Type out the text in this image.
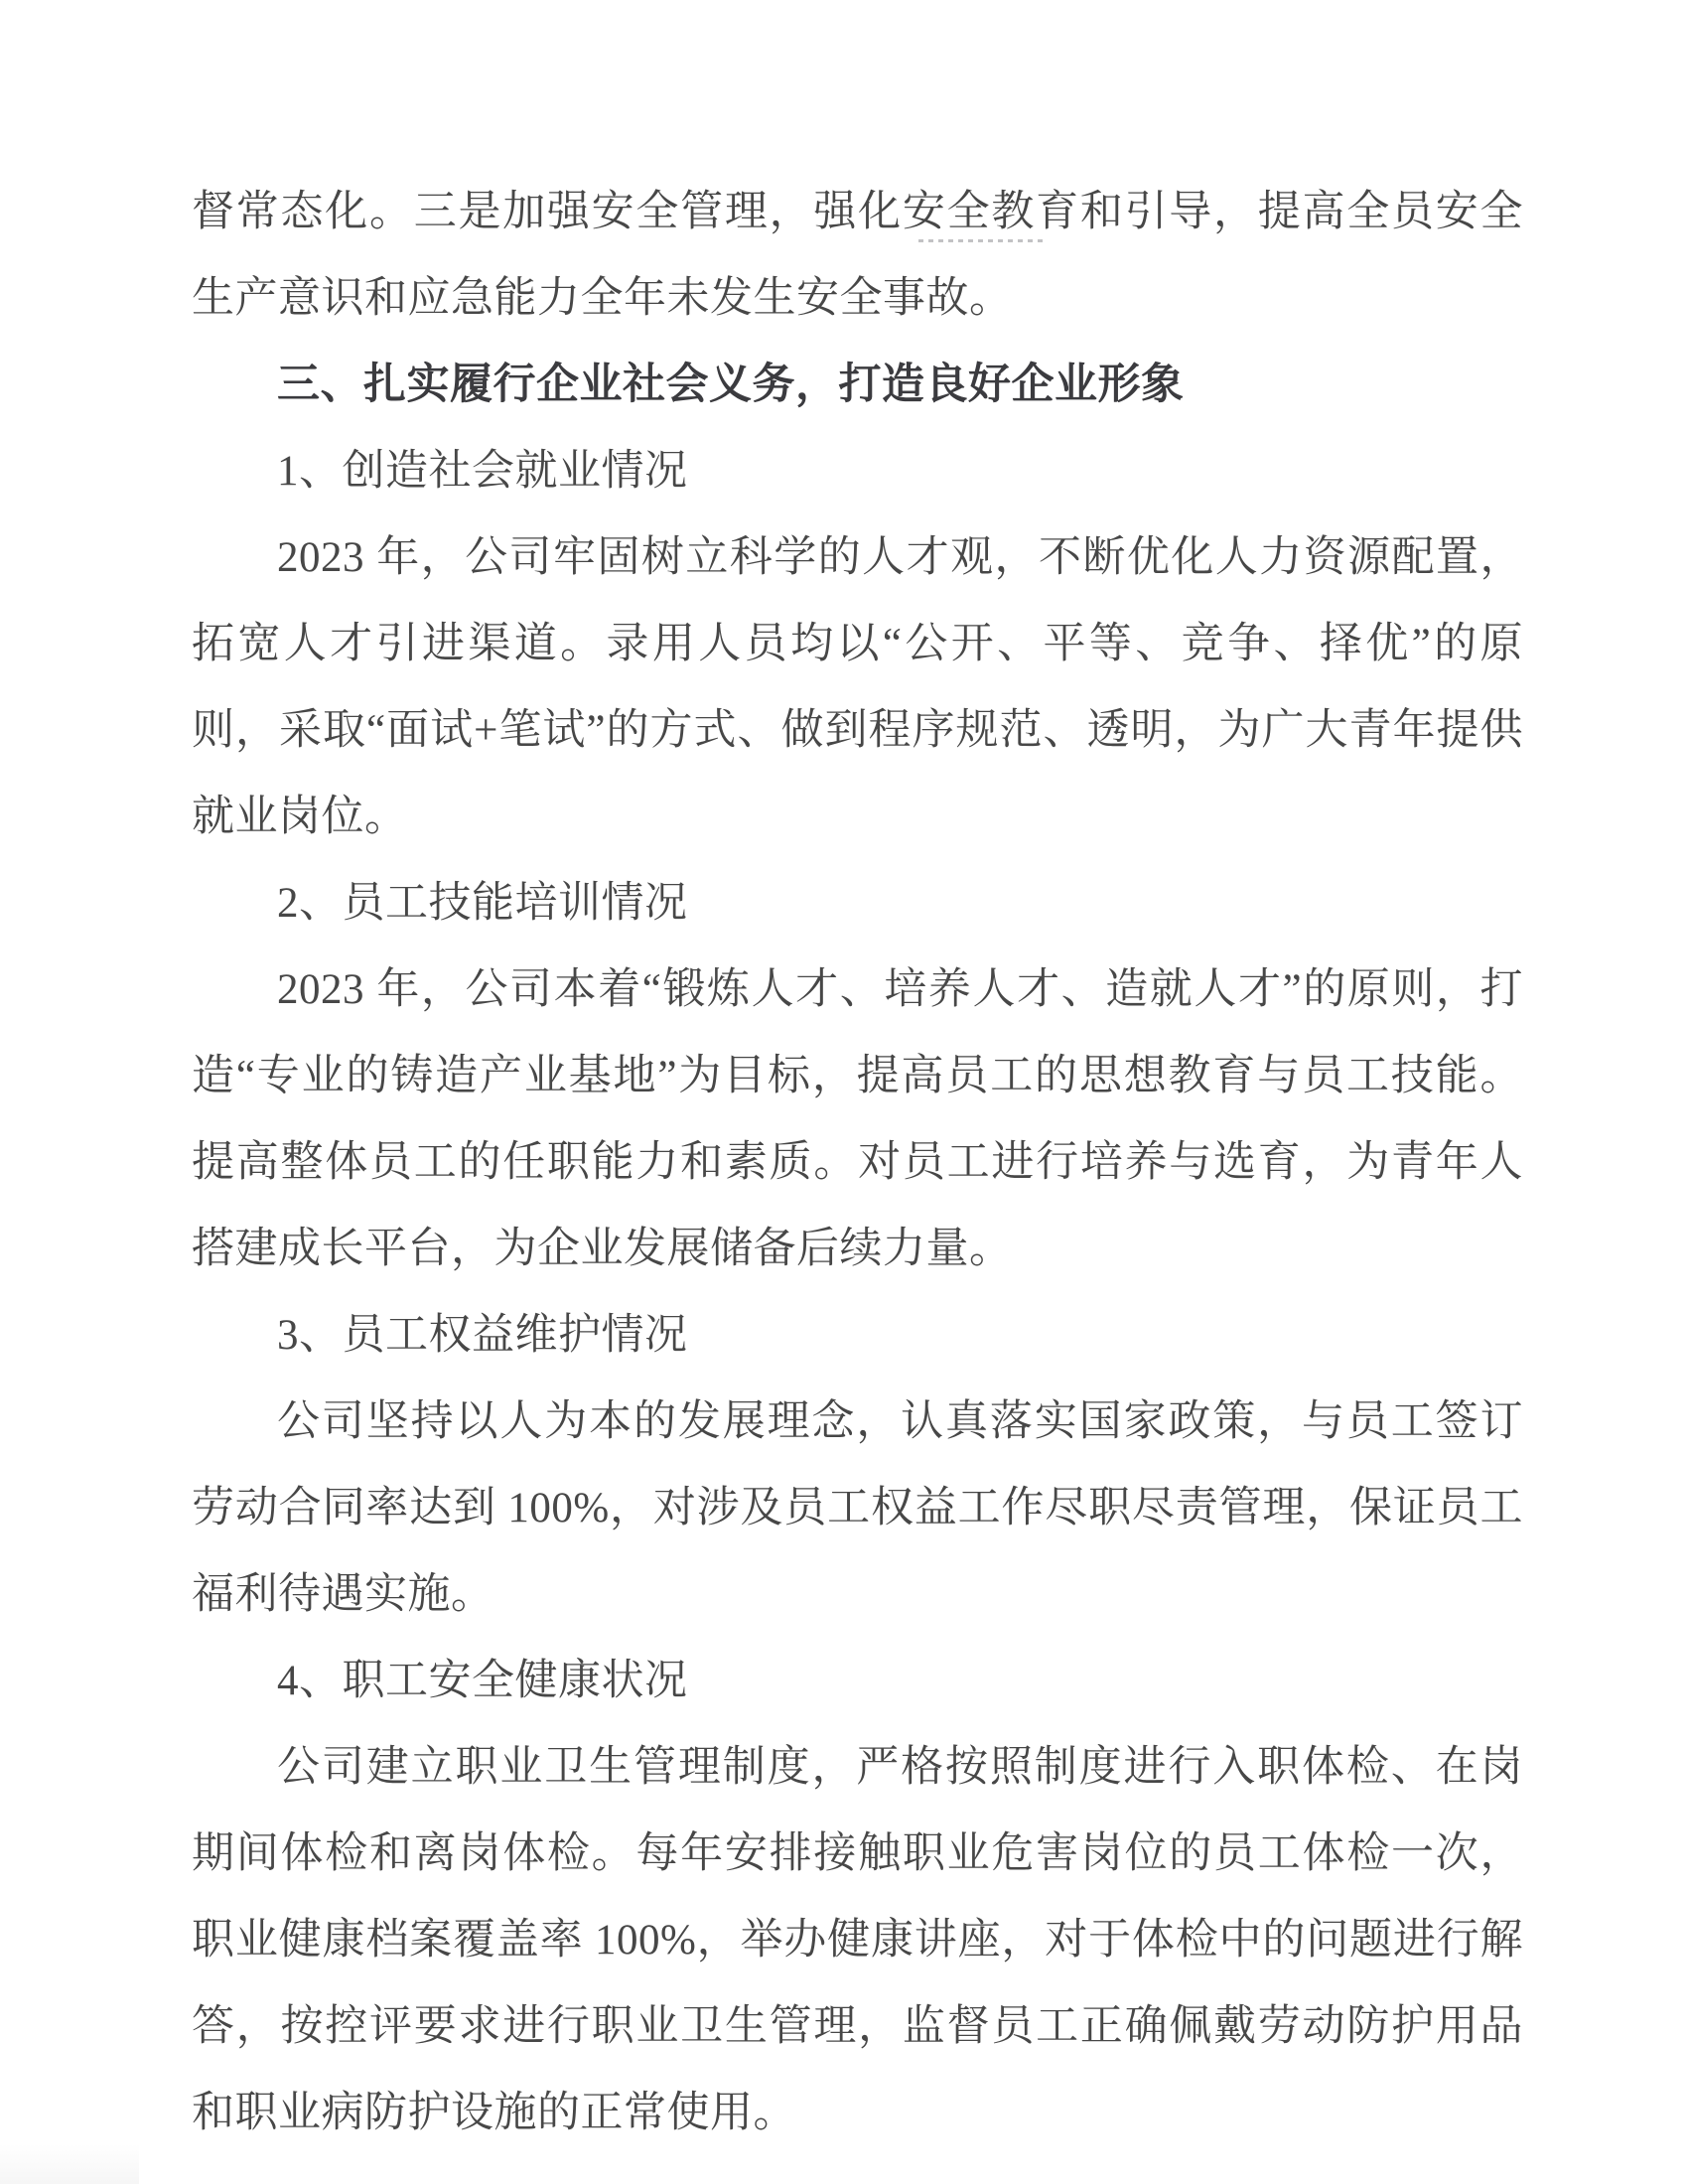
督常态化。三是加强安全管理，强化安全教育和引导，提高全员安全生产意识和应急能力全年未发生安全事故。

三、扎实履行企业社会义务，打造良好企业形象

1、创造社会就业情况

2023 年，公司牢固树立科学的人才观，不断优化人力资源配置，拓宽人才引进渠道。录用人员均以“公开、平等、竞争、择优”的原则，采取“面试+笔试”的方式、做到程序规范、透明，为广大青年提供就业岗位。

2、员工技能培训情况

2023 年，公司本着“锻炼人才、培养人才、造就人才”的原则，打造“专业的铸造产业基地”为目标，提高员工的思想教育与员工技能。提高整体员工的任职能力和素质。对员工进行培养与选育，为青年人搭建成长平台，为企业发展储备后续力量。

3、员工权益维护情况

公司坚持以人为本的发展理念，认真落实国家政策，与员工签订劳动合同率达到 100%，对涉及员工权益工作尽职尽责管理，保证员工福利待遇实施。

4、职工安全健康状况

公司建立职业卫生管理制度，严格按照制度进行入职体检、在岗期间体检和离岗体检。每年安排接触职业危害岗位的员工体检一次，职业健康档案覆盖率 100%，举办健康讲座，对于体检中的问题进行解答，按控评要求进行职业卫生管理，监督员工正确佩戴劳动防护用品和职业病防护设施的正常使用。
